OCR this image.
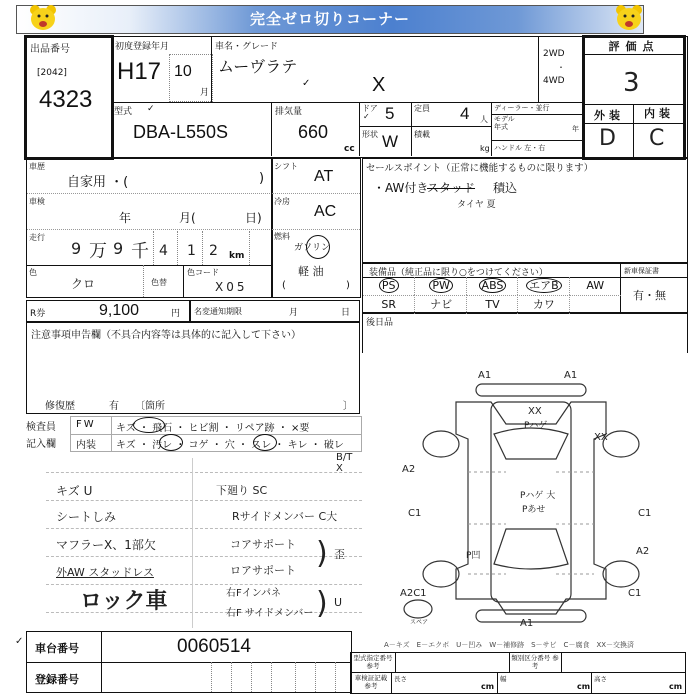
完全ゼロ切りコーナー
出品番号
[2042]
4323
初度登録年月
H17 10
月
車名・グレード
ムーヴラテ
✓	X
2WD
・
4WD
評価点
3
外装	内装
D C
型式 ✓
DBA-L550S
排気量
660
cc
ドア
✓ 5
形状 W
定員 4 人
積載
kg
ディーラー・並行
モデル年式	年
ハンドル 左・右
車歴
自家用 ・(	)
車検
年	月(	日)
走行
9 万 9 千 4 1 2 km
色
クロ	色替
色コード
X05
シフト
AT
冷房
AC
燃料
ガソリン
軽 油
(	)
セールスポイント（正常に機能するものに限ります）
・AW付き
スタッド 積込
タイヤ 夏
装備品（純正品に限り○をつけてください）	新車保証書
有・無
PS	PW	ABS	エアB	AW
SR	ナビ	TV	カワ
後日品
R券	9,100	円 名変通知期限	月	日
注意事項申告欄（不具合内容等は具体的に記入して下さい）
修復歴	有 〔箇所	〕
検査員
記入欄
FW
内装
キズ ・ 飛石 ・ ヒビ割 ・ リペア跡 ・ ×要
キズ ・ 汚レ ・ コゲ ・ 穴 ・ スレ ・ キレ ・ 破レ
B/T X
キズ U
シートしみ
マフラーX、1部欠
外AW スタッドレス
ロック車
下廻り SC
Rサイドメンバー C大
コアサポート
ロアサポート
右Fインパネ
右F サイドメンバー
) 歪
) U
A1	A1
XX
Pハゲ
XX
A2
C1
Pハゲ 大
Pあせ	C1
A2
P凹
A2C1	C1
A1
スペア
A－キズ　E－エクボ　U－凹み　W－補修跡　S－サビ　C－腐食　XX－交換済
✓
車台番号	0060514
登録番号
型式指定番号 参考
類別区分番号 参考
車検証記載 参考
長さ
cm
幅
cm
高さ
cm
